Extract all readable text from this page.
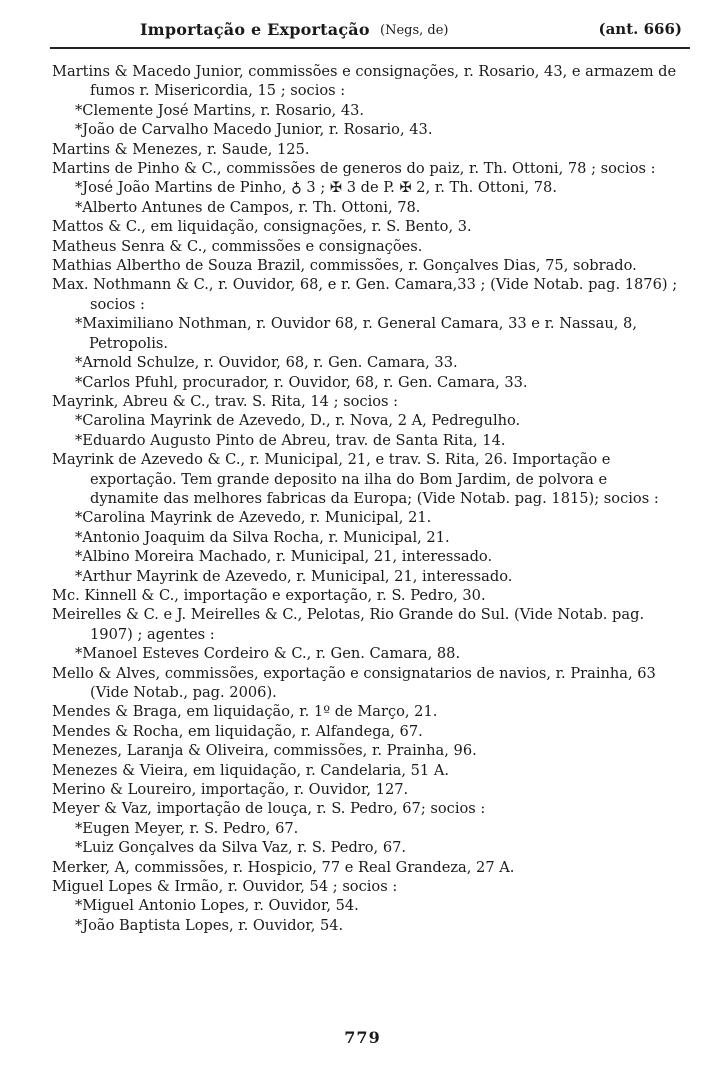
Importação e Exportação (Negs, de)	(ant. 666)

Martins & Macedo Junior, commissões e consignações, r. Rosario, 43, e armazem de fumos r. Misericordia, 15 ; socios :

*Clemente José Martins, r. Rosario, 43.

*João de Carvalho Macedo Junior, r. Rosario, 43.

Martins & Menezes, r. Saude, 125.

Martins de Pinho & C., commissões de generos do paiz, r. Th. Ottoni, 78 ; socios :

*José João Martins de Pinho, ♁ 3 ; ✠ 3 de P. ✠ 2, r. Th. Ottoni, 78.

*Alberto Antunes de Campos, r. Th. Ottoni, 78.

Mattos & C., em liquidação, consignações, r. S. Bento, 3.

Matheus Senra & C., commissões e consignações.

Mathias Albertho de Souza Brazil, commissões, r. Gonçalves Dias, 75, sobrado.

Max. Nothmann & C., r. Ouvidor, 68, e r. Gen. Camara,33 ; (Vide Notab. pag. 1876) ; socios :

*Maximiliano Nothman, r. Ouvidor 68, r. General Camara, 33 e r. Nassau, 8, Petropolis.

*Arnold Schulze, r. Ouvidor, 68, r. Gen. Camara, 33.

*Carlos Pfuhl, procurador, r. Ouvidor, 68, r. Gen. Camara, 33.

Mayrink, Abreu & C., trav. S. Rita, 14 ; socios :

*Carolina Mayrink de Azevedo, D., r. Nova, 2 A, Pedregulho.

*Eduardo Augusto Pinto de Abreu, trav. de Santa Rita, 14.

Mayrink de Azevedo & C., r. Municipal, 21, e trav. S. Rita, 26. Importação e exportação. Tem grande deposito na ilha do Bom Jardim, de polvora e dynamite das melhores fabricas da Europa; (Vide Notab. pag. 1815); socios :

*Carolina Mayrink de Azevedo, r. Municipal, 21.

*Antonio Joaquim da Silva Rocha, r. Municipal, 21.

*Albino Moreira Machado, r. Municipal, 21, interessado.

*Arthur Mayrink de Azevedo, r. Municipal, 21, interessado.

Mc. Kinnell & C., importação e exportação, r. S. Pedro, 30.

Meirelles & C. e J. Meirelles & C., Pelotas, Rio Grande do Sul. (Vide Notab. pag. 1907) ; agentes :

*Manoel Esteves Cordeiro & C., r. Gen. Camara, 88.

Mello & Alves, commissões, exportação e consignatarios de navios, r. Prainha, 63 (Vide Notab., pag. 2006).

Mendes & Braga, em liquidação, r. 1º de Março, 21.

Mendes & Rocha, em liquidação, r. Alfandega, 67.

Menezes, Laranja & Oliveira, commissões, r. Prainha, 96.

Menezes & Vieira, em liquidação, r. Candelaria, 51 A.

Merino & Loureiro, importação, r. Ouvidor, 127.

Meyer & Vaz, importação de louça, r. S. Pedro, 67; socios :

*Eugen Meyer, r. S. Pedro, 67.

*Luiz Gonçalves da Silva Vaz, r. S. Pedro, 67.

Merker, A, commissões, r. Hospicio, 77 e Real Grandeza, 27 A.

Miguel Lopes & Irmão, r. Ouvidor, 54 ; socios :

*Miguel Antonio Lopes, r. Ouvidor, 54.

*João Baptista Lopes, r. Ouvidor, 54.

779
